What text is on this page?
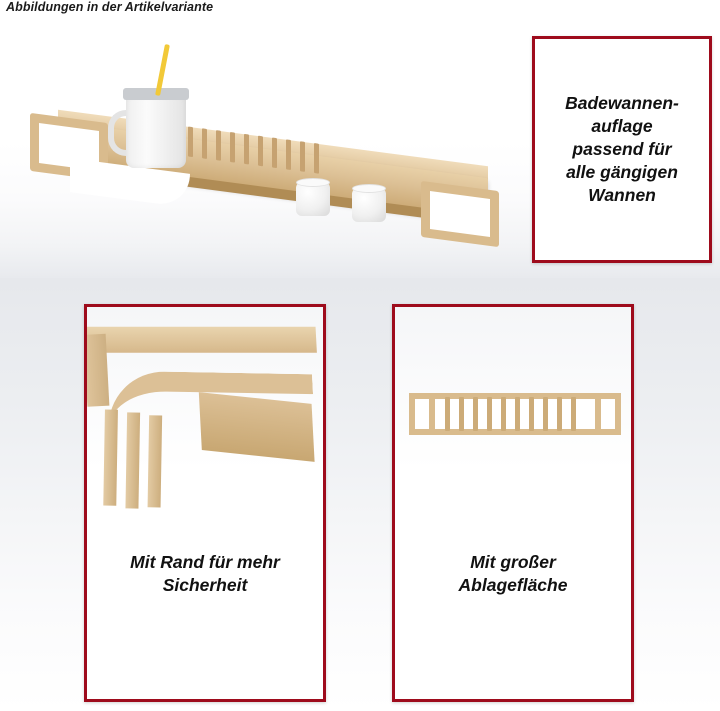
Abbildungen in der Artikelvariante
Badewannen-
auflage
passend für
alle gängigen
Wannen
Mit Rand für mehr
Sicherheit
Mit großer
Ablagefläche
